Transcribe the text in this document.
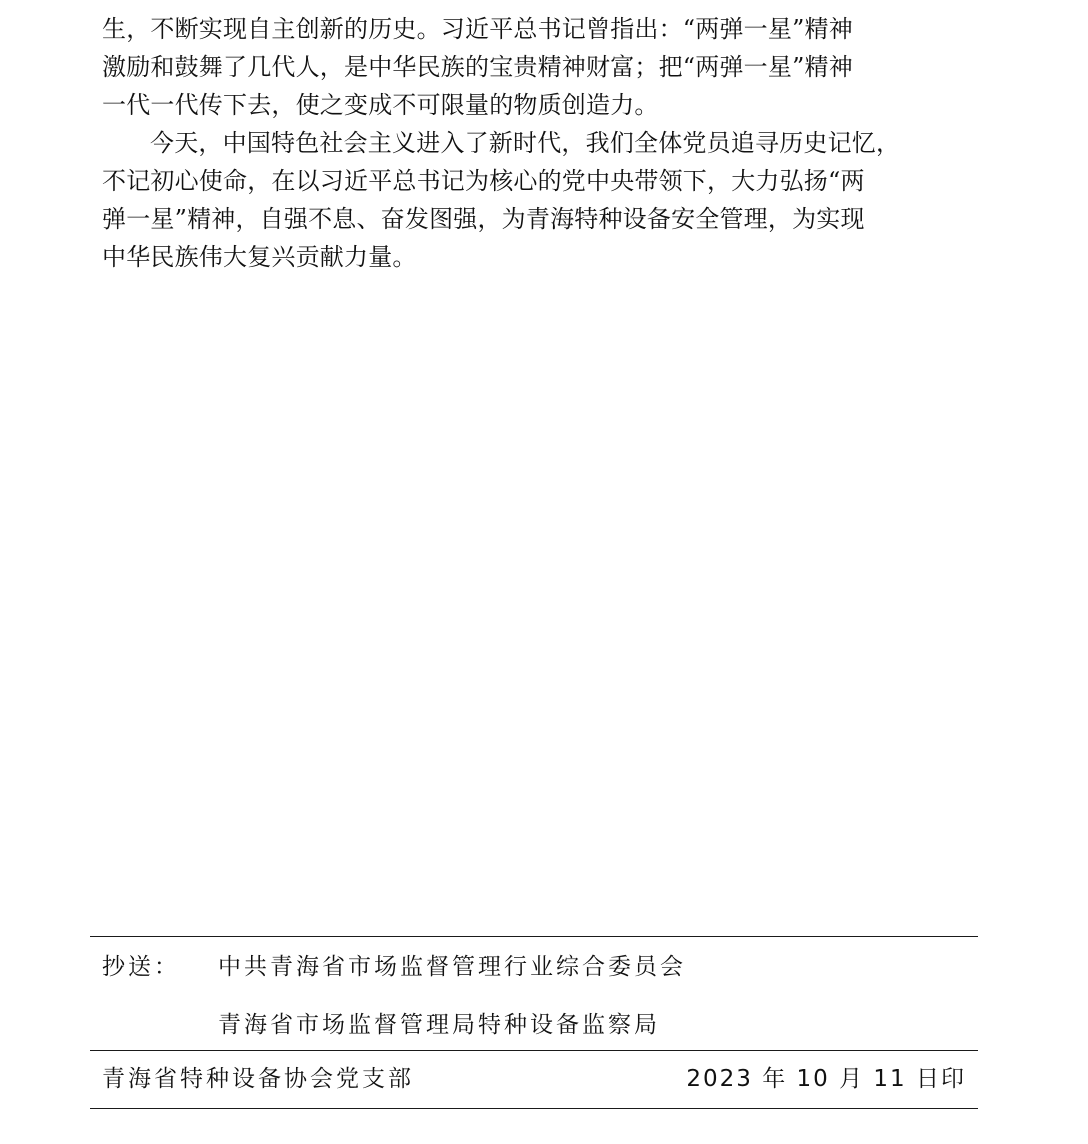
生，不断实现自主创新的历史。习近平总书记曾指出：“两弹一星”精神
激励和鼓舞了几代人，是中华民族的宝贵精神财富；把“两弹一星”精神
一代一代传下去，使之变成不可限量的物质创造力。
今天，中国特色社会主义进入了新时代，我们全体党员追寻历史记忆，
不记初心使命，在以习近平总书记为核心的党中央带领下，大力弘扬“两
弹一星”精神，自强不息、奋发图强，为青海特种设备安全管理，为实现
中华民族伟大复兴贡献力量。
抄送： 中共青海省市场监督管理行业综合委员会
青海省市场监督管理局特种设备监察局
青海省特种设备协会党支部	2023 年 10 月 11 日印
